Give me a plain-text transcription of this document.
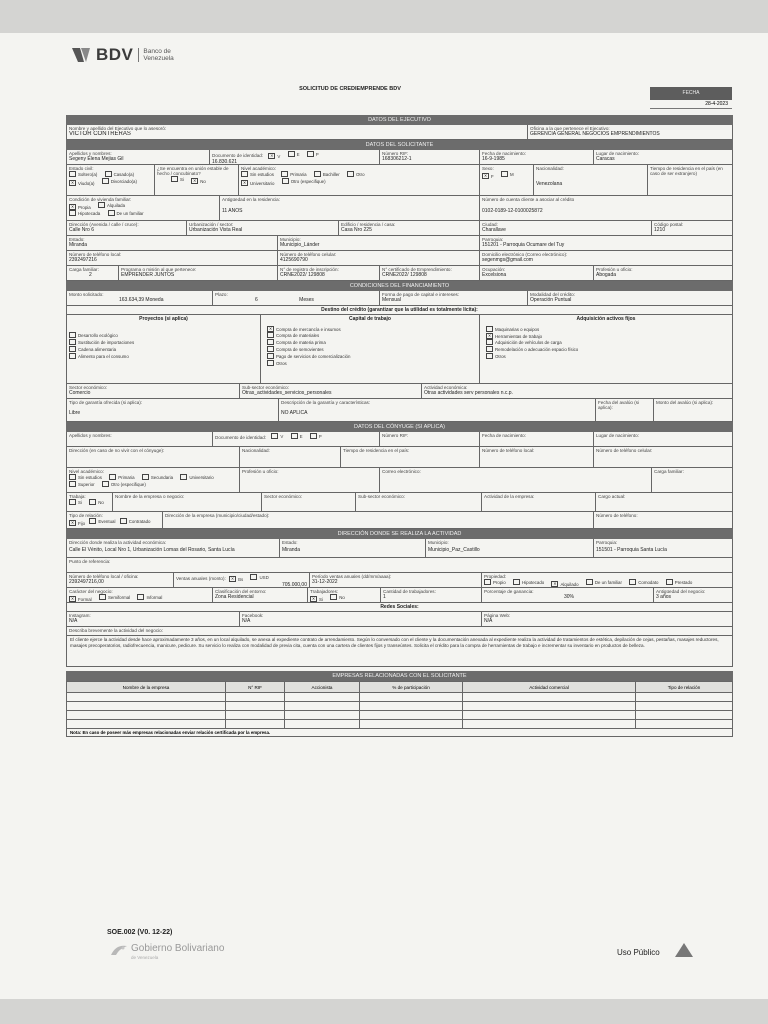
BDV Banco de
Venezuela
SOLICITUD DE CREDIEMPRENDE BDV
FECHA
28-4-2023
DATOS DEL EJECUTIVO
Nombre y apellido del Ejecutivo que lo asesoró:
VICTOR CONTRERAS
Oficina a la que pertenece el Ejecutivo:
GERENCIA GENERAL NEGOCIOS EMPRENDIMIENTOS
DATOS DEL SOLICITANTE
Apellidos y nombres:
Segeny Elena Mejias Gil
Documento de identidad:	✕ V
	E
	P
16.830.621
Número RIF:
168306212-1
Fecha de nacimiento:
16-9-1985
Lugar de nacimiento:
Caracas
Estado civil:
Soltero(a)
	Casado(a)

✕ Viudo(a)
	Divorciado(a)
¿Se encuentra en unión estable de hecho / concubinato?
Si
	✕ No
Nivel académico:
Sin estudios
	Primaria
	Bachiller
	Otro

✕ Universitario
	Otro (especifique)
Sexo:
✕ F
	M
Nacionalidad:
Venezolana
Tiempo de residencia en el país (en caso de ser extranjero)
Condición de vivienda familiar:
✕ Propia
	Alquilada

Hipotecada
	De un familiar
Antigüedad en la residencia:
11 AÑOS
Número de cuenta cliente a asociar al crédito
0102-0189-12-0100025872
Dirección (Avenida / calle / cruce):
Calle Nro 6
Urbanización / sector:
Urbanización Vista Real
Edificio / residencia / casa:
Casa Nro 225
Ciudad:
Charallave
Código postal:
1210
Estado:
Miranda
Municipio:
Municipio_Lánder
Parroquia:
151201 - Parroquia Ocumare del Tuy
Número de teléfono local:
2392497216
Número de teléfono celular:
4125690790
Domicilio electrónico (Correo electrónico):
segenmgs@gmail.com
Carga familiar:
2
Programa o misión al que pertenece:
EMPRENDER JUNTOS
N° de registro de inscripción:
CRNE2022/ 129808
N° certificado de Emprendimiento:
CRNE2022/ 129808
Ocupación:
Excelsiona
Profesión u oficio:
Abogada
CONDICIONES DEL FINANCIAMIENTO
Monto solicitado:
163.634,39 Moneda
Plazo:
6	Meses
Forma de pago de capital e intereses:
Mensual
Modalidad del crédito:
Operación Puntual
Destino del crédito (garantizar que la utilidad es totalmente lícita):
Proyectos (si aplica)
Desarrollo ecológico

Sustitución de importaciones

Cadena alimentaria

Alimento para el consumo
Capital de trabajo
✕ Compra de mercancía e insumos

Compra de materiales

Compra de materia prima

Compra de semovientes

Pago de servicios de comercialización

Otros
Adquisición activos fijos
Maquinarias o equipos

✕ Herramientas de trabajo

Adquisición de vehículos de carga

Remodelación o adecuación espacio físico

Otros
Sector económico:
Comercio
Sub-sector económico:
Otras_actividades_servicios_personales
Actividad económica:
Otras actividades serv personales n.c.p.
Tipo de garantía ofrecida (si aplica):
Libre
Descripción de la garantía y características:
NO APLICA
Fecha del avalúo (si aplica):
Monto del avalúo (si aplica):
DATOS DEL CÓNYUGE (SI APLICA)
Apellidos y nombres:	Documento de identidad:	V	E	P	Número RIF:	Fecha de nacimiento:	Lugar de nacimiento:
Dirección (en caso de no vivir con el cónyuge):	Nacionalidad:	Tiempo de residencia en el país:	Número de teléfono local:	Número de teléfono celular:
Nivel académico:
Sin estudios
	Primaria
	Secundaria
	Universitario

Superior
	Otro (especifique)
Profesión u oficio:	Correo electrónico:	Carga familiar:
Trabaja:
Si
	No
Nombre de la empresa o negocio:	Sector económico:	Sub-sector económico:	Actividad de la empresa:	Cargo actual:
Tipo de relación:
✕ Fijo
	Eventual
	Contratado
Dirección de la empresa (municipio/ciudad/estado):	Número de teléfono:
DIRECCIÓN DONDE SE REALIZA LA ACTIVIDAD
Dirección donde realiza la actividad económica:
Calle El Vénito, Local Nro 1, Urbanización Lomas del Rosario, Santa Lucía
Estado:
Miranda
Municipio:
Municipio_Paz_Castillo
Parroquia:
151501 - Parroquia Santa Lucía
Punto de referencia:
Número de teléfono local / oficina:
2392497216,00
Ventas anuales (monto):	✕ Bs
	USD
705.000,00
Período ventas anuales (dd/mm/aaaa):
31-12-2022
Propiedad:
Propio
	Hipotecado
	✕ Alquilado
	De un familiar
	Comodato
	Prestado
Carácter del negocio:
✕ Formal
	Semiformal
	Informal
Clasificación del entorno:
Zona Residencial
Trabajadores:
✕ Si
	No
Cantidad de trabajadores:
1
Porcentaje de ganancia:
30%
Antigüedad del negocio:
3 años
Redes Sociales:
Instagram:
N/A
Facebook:
N/A
Página Web:
N/A
Describa brevemente la actividad del negocio:
El cliente ejerce la actividad desde hace aproximadamente 3 años, en un local alquilado, se anexa al expediente contrato de arrendamiento. Según lo conversado con el cliente y la documentación anexada al expediente realiza la actividad de tratamientos de estética, depilación de cejas, pestañas, masajes reductores, masajes precoperatorios, radiofrecuencia, manicure, pedicure. Su servicio lo realiza con modalidad de previa cita, cuenta con una cartera de clientes fijos y transeúntes. Solicita el crédito para la compra de herramientas de trabajo e incrementar su inventario en productos de belleza.
EMPRESAS RELACIONADAS CON EL SOLICITANTE
Nombre de la empresa	N° RIF	Accionista	% de participación	Actividad comercial	Tipo de relación

Nota: En caso de poseer más empresas relacionadas enviar relación certificada por la empresa.
SOE.002 (V0. 12-22)
Gobierno Bolivariano
de Venezuela	Uso Público
